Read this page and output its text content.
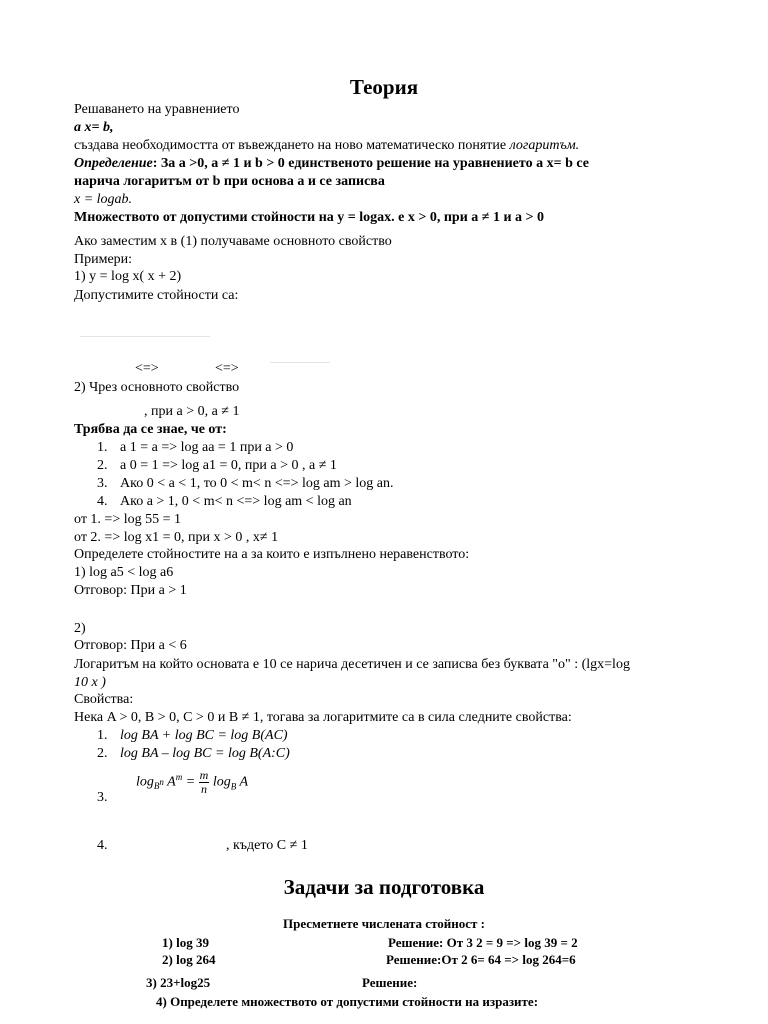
Теория
Решаването на уравнението
a x= b,
създава необходимостта от въвеждането на ново математическо понятие логаритъм.
Определение: За a >0, a ≠ 1 и b > 0 единственото решение на уравнението a x= b се
нарича логаритъм от b при основа a и се записва
x = logab.
Множеството от допустими стойности на y = logax. е x > 0, при a ≠ 1 и a > 0
Ако заместим x в (1) получаваме основното свойство
Примери:
1) y = log x( x + 2)
Допустимите стойности са:
<=>	<=>
2) Чрез основното свойство
, при a > 0, a ≠ 1
Трябва да се знае, че от:
1. a 1 = a => log aa = 1 при a > 0
2. a 0 = 1 => log a1 = 0, при a > 0 , a ≠ 1
3. Ако 0 < a < 1, то 0 < m< n <=> log am > log an.
4. Ако a > 1, 0 < m< n <=> log am < log an
от 1. => log 55 = 1
от 2. => log x1 = 0, при x > 0 , x≠ 1
Определете стойностите на a за които е изпълнено неравенството:
1) log a5 < log a6
Отговор: При a > 1
2)
Отговор: При a < 6
Логаритъм на който основата е 10 се нарича десетичен и се записва без буквата "о" : (lgx=log
10 x )
Свойства:
Нека A > 0, B > 0, C > 0 и B ≠ 1, тогава за логаритмите са в сила следните свойства:
1. log BA + log BC = log B(AC)
2. log BA – log BC = log B(A:C)
$\log_{B^n} A^m = \frac{m}{n} \log_B A$
3.
4.	, където C ≠ 1
Задачи за подготовка
Пресметнете числената стойност :
1) log 39	Решение: От 3 2 = 9 => log 39 = 2
2) log 264	Решение:От 2 6= 64 => log 264=6
3) 23+log25	Решение:
4) Определете множеството от допустими стойности на изразите:
